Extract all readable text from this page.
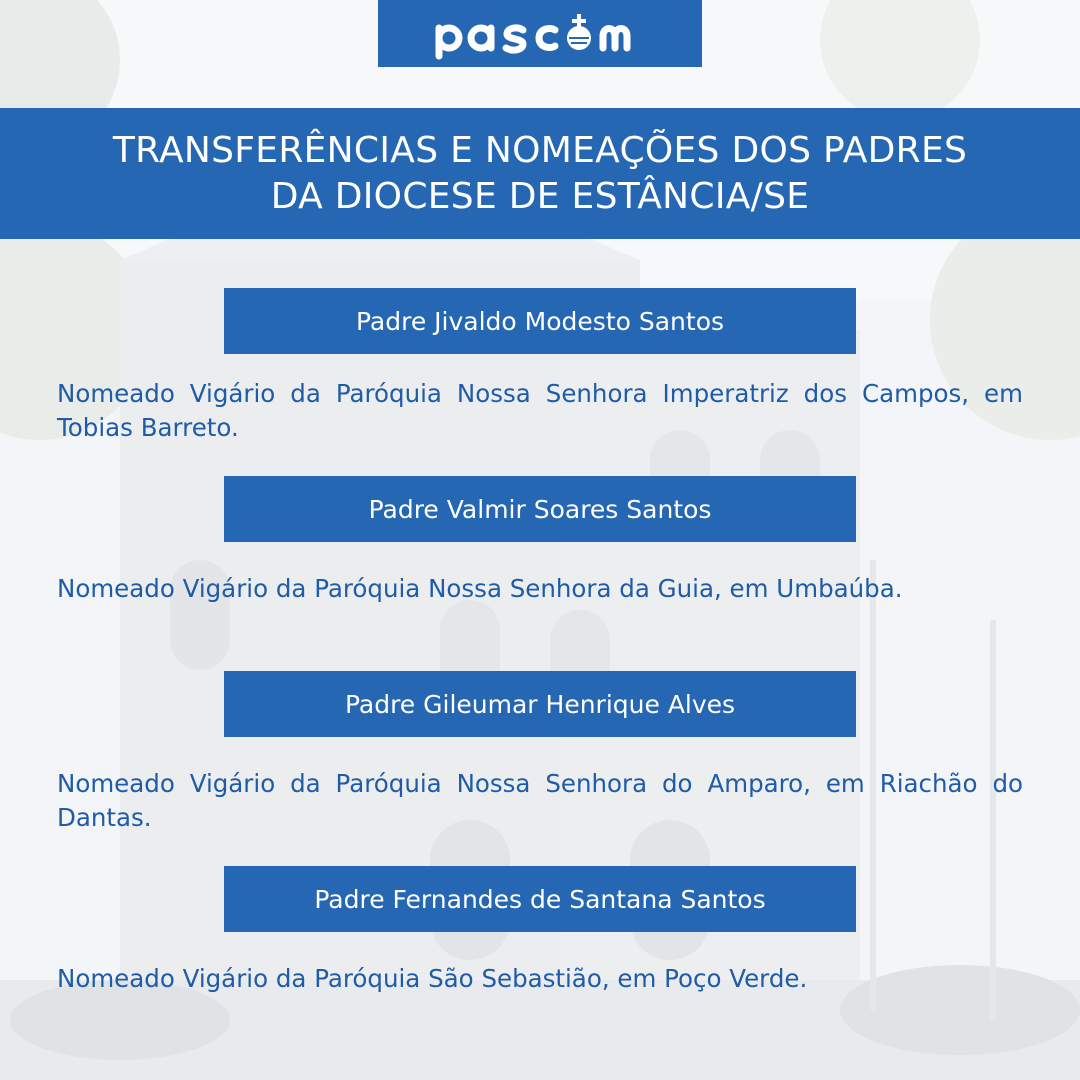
TRANSFERÊNCIAS E NOMEAÇÕES DOS PADRES
DA DIOCESE DE ESTÂNCIA/SE
Padre Jivaldo Modesto Santos

Nomeado Vigário da Paróquia Nossa Senhora Imperatriz dos Campos, em Tobias Barreto.

Padre Valmir Soares Santos

Nomeado Vigário da Paróquia Nossa Senhora da Guia, em Umbaúba.

Padre Gileumar Henrique Alves

Nomeado Vigário da Paróquia Nossa Senhora do Amparo, em Riachão do Dantas.

Padre Fernandes de Santana Santos

Nomeado Vigário da Paróquia São Sebastião, em Poço Verde.
